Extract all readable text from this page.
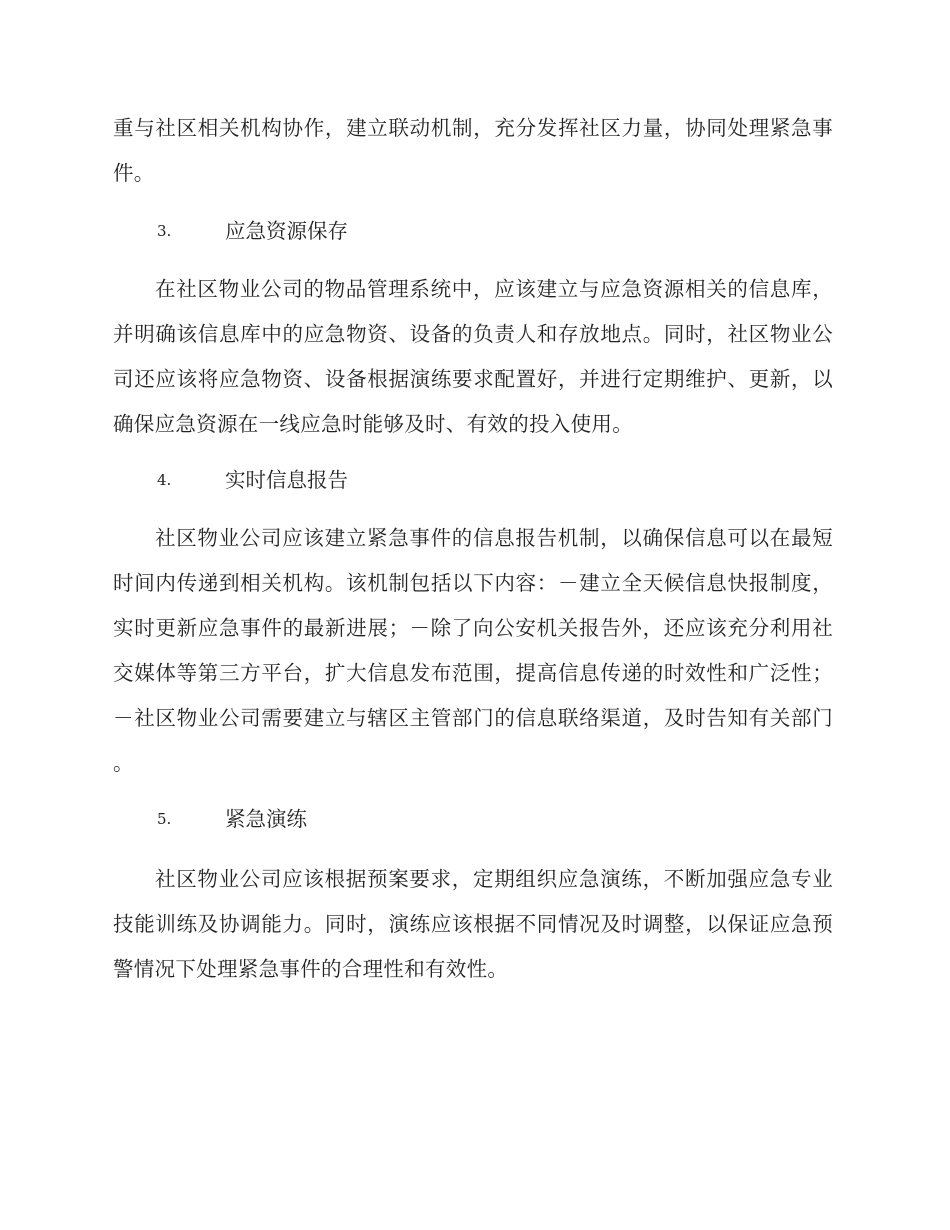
重与社区相关机构协作，建立联动机制，充分发挥社区力量，协同处理紧急事件。

3.	应急资源保存

在社区物业公司的物品管理系统中，应该建立与应急资源相关的信息库，并明确该信息库中的应急物资、设备的负责人和存放地点。同时，社区物业公司还应该将应急物资、设备根据演练要求配置好，并进行定期维护、更新，以确保应急资源在一线应急时能够及时、有效的投入使用。

4.	实时信息报告

社区物业公司应该建立紧急事件的信息报告机制，以确保信息可以在最短时间内传递到相关机构。该机制包括以下内容：－建立全天候信息快报制度，实时更新应急事件的最新进展；－除了向公安机关报告外，还应该充分利用社交媒体等第三方平台，扩大信息发布范围，提高信息传递的时效性和广泛性；－社区物业公司需要建立与辖区主管部门的信息联络渠道，及时告知有关部门。

5.	紧急演练

社区物业公司应该根据预案要求，定期组织应急演练，不断加强应急专业技能训练及协调能力。同时，演练应该根据不同情况及时调整，以保证应急预警情况下处理紧急事件的合理性和有效性。
